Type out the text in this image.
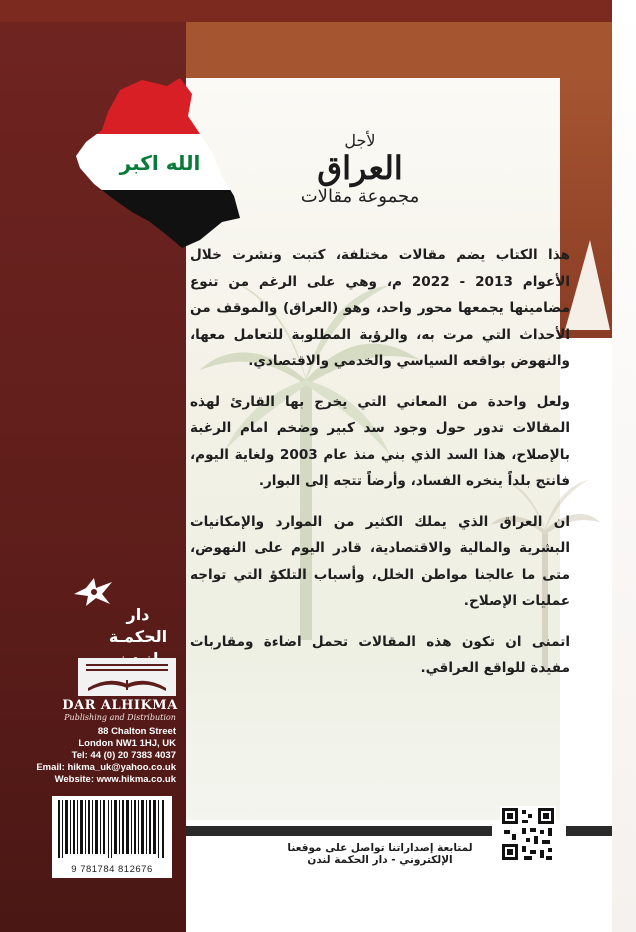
الله اكبر
لأجل
العراق
مجموعة مقالات

هذا الكتاب يضم مقالات مختلفة، كتبت ونشرت خلال الأعوام 2013 - 2022 م، وهي على الرغم من تنوع مضامينها يجمعها محور واحد، وهو (العراق) والموقف من الأحداث التي مرت به، والرؤية المطلوبة للتعامل معها، والنهوض بواقعه السياسي والخدمي والاقتصادي.

ولعل واحدة من المعاني التي يخرج بها القارئ لهذه المقالات تدور حول وجود سد كبير وضخم امام الرغبة بالإصلاح، هذا السد الذي بني منذ عام 2003 ولغاية اليوم، فانتج بلداً ينخره الفساد، وأرضاً تتجه إلى البوار.

ان العراق الذي يملك الكثير من الموارد والإمكانيات البشرية والمالية والاقتصادية، قادر اليوم على النهوض، متى ما عالجنا مواطن الخلل، وأسباب التلكؤ التي تواجه عمليات الإصلاح.

اتمنى ان تكون هذه المقالات تحمل اضاءة ومقاربات مفيدة للواقع العراقي.

دار الحكمـة
DAR ALHIKMA
Publishing and Distribution
88 Chalton Street
London NW1 1HJ, UK
Tel: 44 (0) 20 7383 4037
Email: hikma_uk@yahoo.co.uk
Website: www.hikma.co.uk
9 781784 812676
لمتابعة إصداراتنا تواصل على موقعنا الإلكتروني - دار الحكمة لندن
